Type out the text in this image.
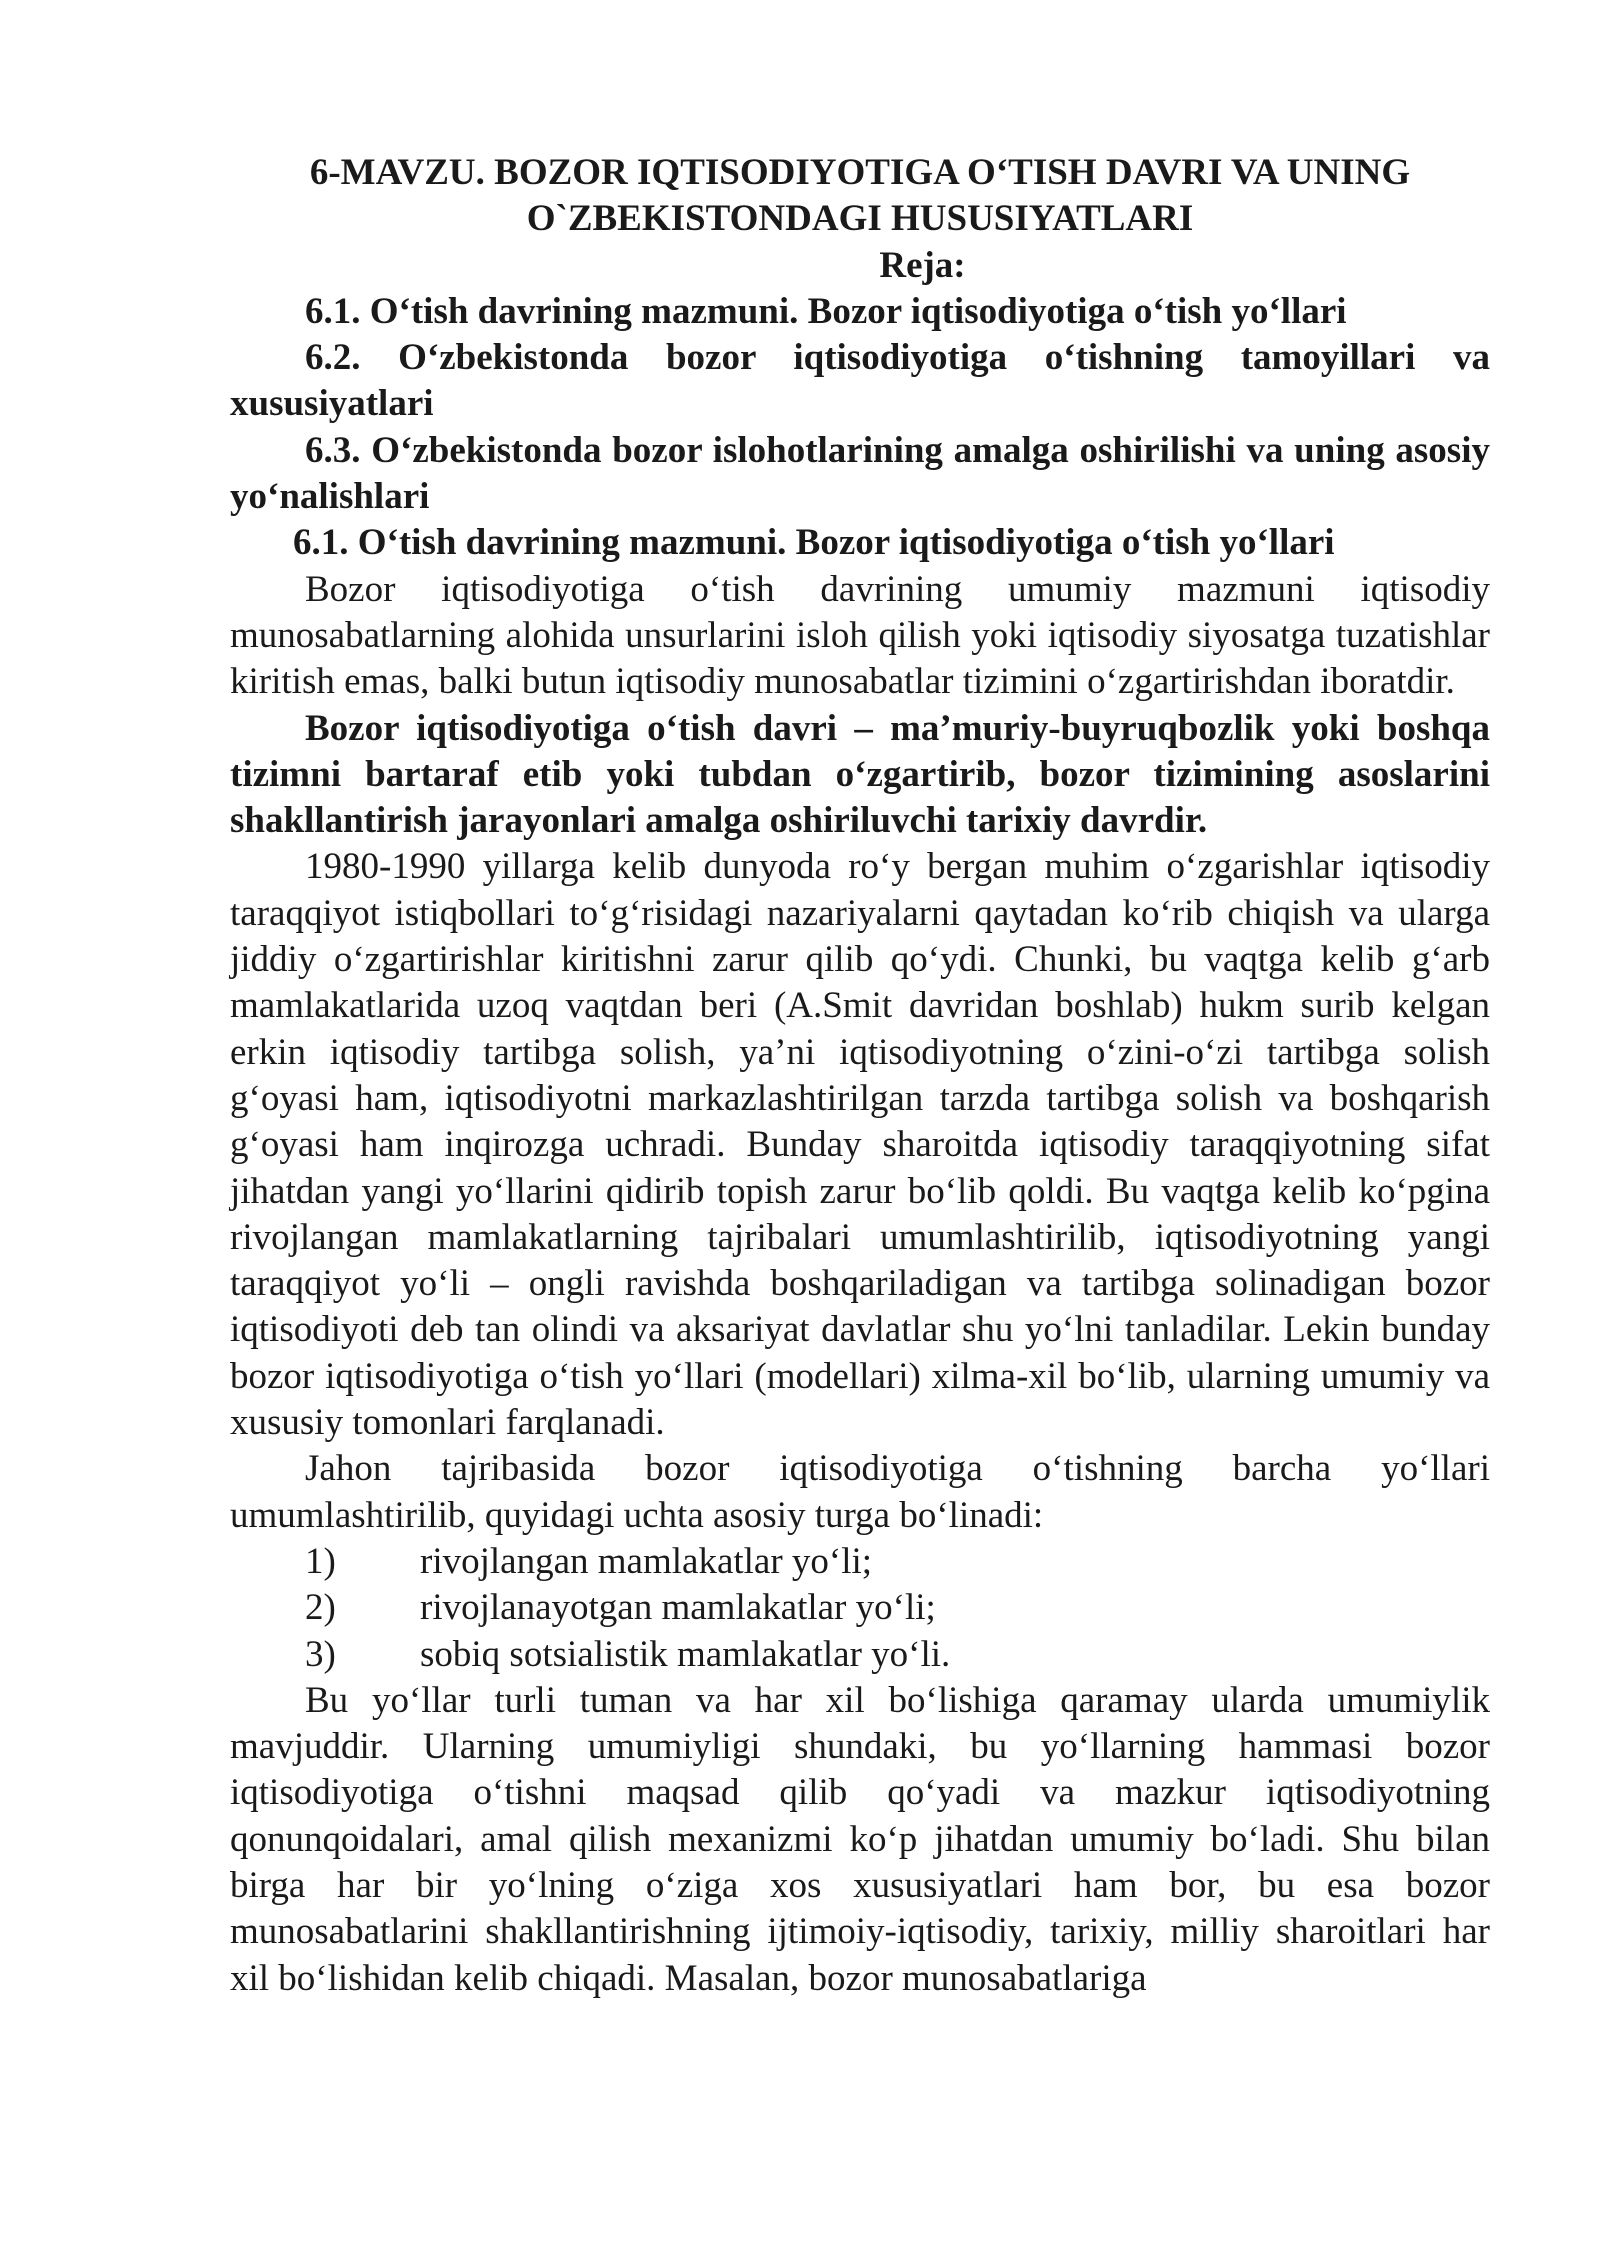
6-MAVZU. BOZOR IQTISODIYOTIGA O‘TISH DAVRI VA UNING
O`ZBEKISTONDAGI HUSUSIYATLARI

Reja:

6.1. O‘tish davrining mazmuni. Bozor iqtisodiyotiga o‘tish yo‘llari

6.2. O‘zbekistonda bozor iqtisodiyotiga o‘tishning tamoyillari va xususiyatlari

6.3. O‘zbekistonda bozor islohotlarining amalga oshirilishi va uning asosiy yo‘nalishlari

6.1. O‘tish davrining mazmuni. Bozor iqtisodiyotiga o‘tish yo‘llari

Bozor iqtisodiyotiga o‘tish davrining umumiy mazmuni iqtisodiy munosabatlarning alohida unsurlarini isloh qilish yoki iqtisodiy siyosatga tuzatishlar kiritish emas, balki butun iqtisodiy munosabatlar tizimini o‘zgartirishdan iboratdir.

Bozor iqtisodiyotiga o‘tish davri – ma’muriy-buyruqbozlik yoki boshqa tizimni bartaraf etib yoki tubdan o‘zgartirib, bozor tizimining asoslarini shakllantirish jarayonlari amalga oshiriluvchi tarixiy davrdir.

1980-1990 yillarga kelib dunyoda ro‘y bergan muhim o‘zgarishlar iqtisodiy taraqqiyot istiqbollari to‘g‘risidagi nazariyalarni qaytadan ko‘rib chiqish va ularga jiddiy o‘zgartirishlar kiritishni zarur qilib qo‘ydi. Chunki, bu vaqtga kelib g‘arb mamlakatlarida uzoq vaqtdan beri (A.Smit davridan boshlab) hukm surib kelgan erkin iqtisodiy tartibga solish, ya’ni iqtisodiyotning o‘zini-o‘zi tartibga solish g‘oyasi ham, iqtisodiyotni markazlashtirilgan tarzda tartibga solish va boshqarish g‘oyasi ham inqirozga uchradi. Bunday sharoitda iqtisodiy taraqqiyotning sifat jihatdan yangi yo‘llarini qidirib topish zarur bo‘lib qoldi. Bu vaqtga kelib ko‘pgina rivojlangan mamlakatlarning tajribalari umumlashtirilib, iqtisodiyotning yangi taraqqiyot yo‘li – ongli ravishda boshqariladigan va tartibga solinadigan bozor iqtisodiyoti deb tan olindi va aksariyat davlatlar shu yo‘lni tanladilar. Lekin bunday bozor iqtisodiyotiga o‘tish yo‘llari (modellari) xilma-xil bo‘lib, ularning umumiy va xususiy tomonlari farqlanadi.

Jahon tajribasida bozor iqtisodiyotiga o‘tishning barcha yo‘llari umumlashtirilib, quyidagi uchta asosiy turga bo‘linadi:

1) rivojlangan mamlakatlar yo‘li;
2) rivojlanayotgan mamlakatlar yo‘li;
3) sobiq sotsialistik mamlakatlar yo‘li.

Bu yo‘llar turli tuman va har xil bo‘lishiga qaramay ularda umumiylik mavjuddir. Ularning umumiyligi shundaki, bu yo‘llarning hammasi bozor iqtisodiyotiga o‘tishni maqsad qilib qo‘yadi va mazkur iqtisodiyotning qonunqoidalari, amal qilish mexanizmi ko‘p jihatdan umumiy bo‘ladi. Shu bilan birga har bir yo‘lning o‘ziga xos xususiyatlari ham bor, bu esa bozor munosabatlarini shakllantirishning ijtimoiy-iqtisodiy, tarixiy, milliy sharoitlari har xil bo‘lishidan kelib chiqadi. Masalan, bozor munosabatlariga
